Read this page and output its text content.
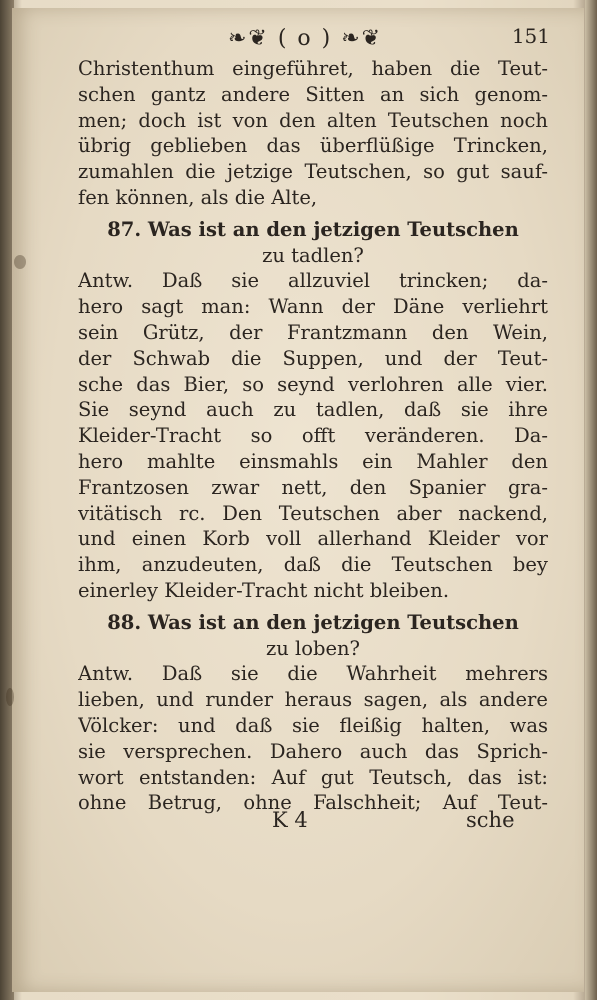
❧❦ ( o ) ❧❦	151
Christenthum eingeführet, haben die Teut-
schen gantz andere Sitten an sich genom-
men; doch ist von den alten Teutschen noch
übrig geblieben das überflüßige Trincken,
zumahlen die jetzige Teutschen, so gut sauf-
fen können, als die Alte,
87. Was ist an den jetzigen Teutschen
zu tadlen?
Antw. Daß sie allzuviel trincken; da-
hero sagt man: Wann der Däne verliehrt
sein Grütz, der Frantzmann den Wein,
der Schwab die Suppen, und der Teut-
sche das Bier, so seynd verlohren alle vier.
Sie seynd auch zu tadlen, daß sie ihre
Kleider-Tracht so offt veränderen. Da-
hero mahlte einsmahls ein Mahler den
Frantzosen zwar nett, den Spanier gra-
vitätisch rc. Den Teutschen aber nackend,
und einen Korb voll allerhand Kleider vor
ihm, anzudeuten, daß die Teutschen bey
einerley Kleider-Tracht nicht bleiben.
88. Was ist an den jetzigen Teutschen
zu loben?
Antw. Daß sie die Wahrheit mehrers
lieben, und runder heraus sagen, als andere
Völcker: und daß sie fleißig halten, was
sie versprechen. Dahero auch das Sprich-
wort entstanden: Auf gut Teutsch, das ist:
ohne Betrug, ohne Falschheit; Auf Teut-
K 4	sche
